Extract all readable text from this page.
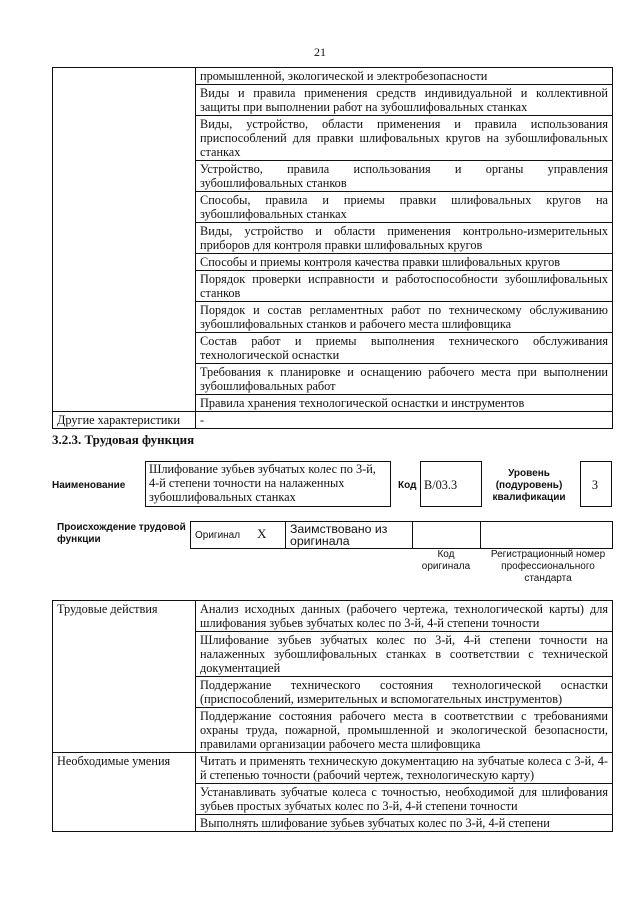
21
	промышленной, экологической и электробезопасности
	Виды и правила применения средств индивидуальной и коллективной защиты при выполнении работ на зубошлифовальных станках
	Виды, устройство, области применения и правила использования приспособлений для правки шлифовальных кругов на зубошлифовальных станках
	Устройство, правила использования и органы управления зубошлифовальных станков
	Способы, правила и приемы правки шлифовальных кругов на зубошлифовальных станках
	Виды, устройство и области применения контрольно-измерительных приборов для контроля правки шлифовальных кругов
	Способы и приемы контроля качества правки шлифовальных кругов
	Порядок проверки исправности и работоспособности зубошлифовальных станков
	Порядок и состав регламентных работ по техническому обслуживанию зубошлифовальных станков и рабочего места шлифовщика
	Состав работ и приемы выполнения технического обслуживания технологической оснастки
	Требования к планировке и оснащению рабочего места при выполнении зубошлифовальных работ
	Правила хранения технологической оснастки и инструментов
Другие характеристики	-
3.2.3. Трудовая функция
Наименование
Шлифование зубьев зубчатых колес по 3-й, 4-й степени точности на налаженных зубошлифовальных станках
Код B/03.3
Уровень (подуровень) квалификации
3
Происхождение трудовой функции	Оригинал X	Заимствовано из оригинала		
Код оригинала
Регистрационный номер профессионального стандарта
Трудовые действия	Анализ исходных данных (рабочего чертежа, технологической карты) для шлифования зубьев зубчатых колес по 3-й, 4-й степени точности
	Шлифование зубьев зубчатых колес по 3-й, 4-й степени точности на налаженных зубошлифовальных станках в соответствии с технической документацией
	Поддержание технического состояния технологической оснастки (приспособлений, измерительных и вспомогательных инструментов)
	Поддержание состояния рабочего места в соответствии с требованиями охраны труда, пожарной, промышленной и экологической безопасности, правилами организации рабочего места шлифовщика
Необходимые умения	Читать и применять техническую документацию на зубчатые колеса с 3-й, 4-й степенью точности (рабочий чертеж, технологическую карту)
	Устанавливать зубчатые колеса с точностью, необходимой для шлифования зубьев простых зубчатых колес по 3-й, 4-й степени точности
	Выполнять шлифование зубьев зубчатых колес по 3-й, 4-й степени
